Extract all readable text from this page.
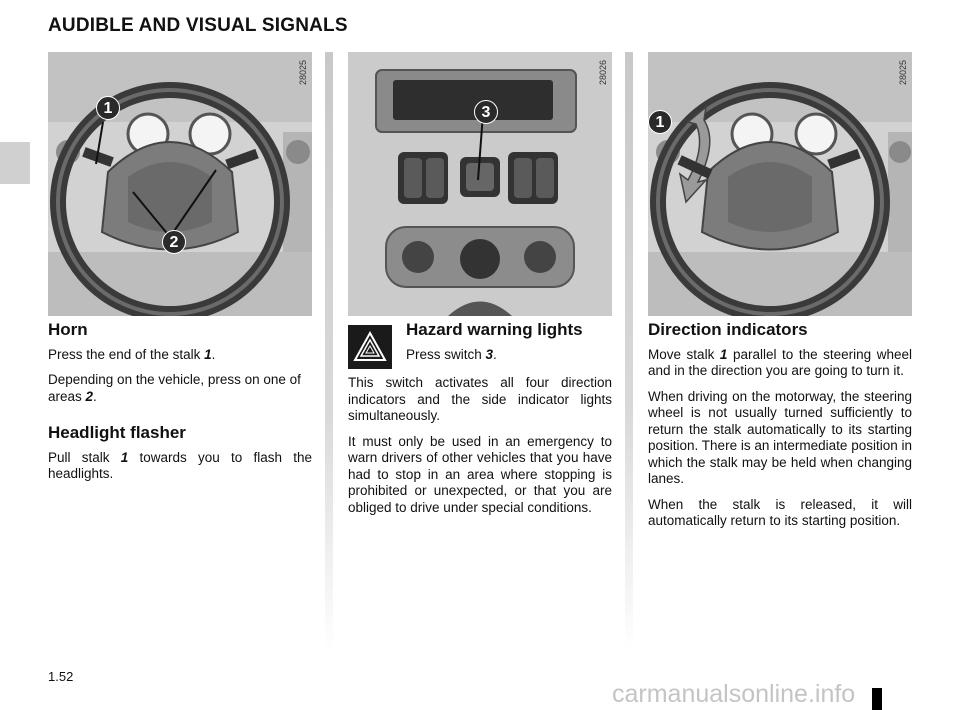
AUDIBLE AND VISUAL SIGNALS
28025
1
2
28026
3
28025
1
Horn

Press the end of the stalk 1.

Depending on the vehicle, press on one of areas 2.

Headlight flasher

Pull stalk 1 towards you to flash the headlights.

Hazard warning lights

Press switch 3.

This switch activates all four direction indicators and the side indicator lights simultaneously.

It must only be used in an emergency to warn drivers of other vehicles that you have had to stop in an area where stopping is prohibited or unexpected, or that you are obliged to drive under special conditions.

Direction indicators

Move stalk 1 parallel to the steering wheel and in the direction you are going to turn it.

When driving on the motorway, the steering wheel is not usually turned sufficiently to return the stalk automatically to its starting position. There is an intermediate position in which the stalk may be held when changing lanes.

When the stalk is released, it will automatically return to its starting position.

1.52
carmanualsonline.info
